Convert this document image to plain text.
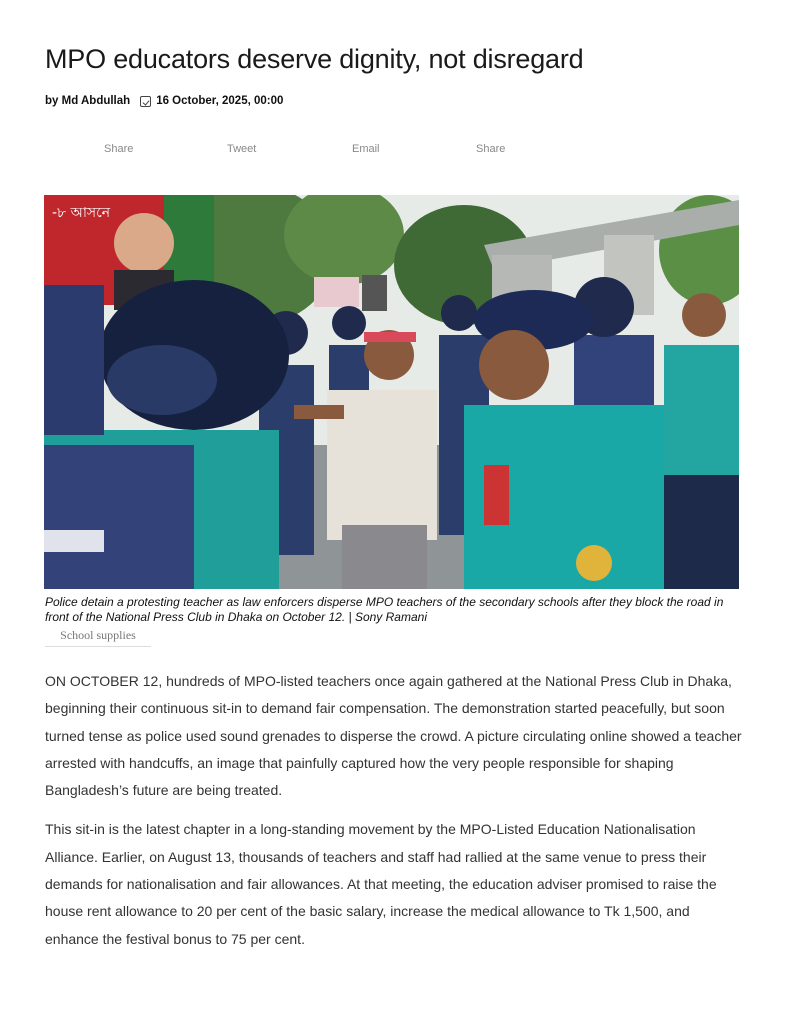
MPO educators deserve dignity, not disregard
by Md Abdullah 16 October, 2025, 00:00
Share	Tweet	Email	Share
-৮ আসনে
Police detain a protesting teacher as law enforcers disperse MPO teachers of the secondary schools after they block the road in front of the National Press Club in Dhaka on October 12. | Sony Ramani
School supplies

ON OCTOBER 12, hundreds of MPO-listed teachers once again gathered at the National Press Club in Dhaka, beginning their continuous sit-in to demand fair compensation. The demonstration started peacefully, but soon turned tense as police used sound grenades to disperse the crowd. A picture circulating online showed a teacher arrested with handcuffs, an image that painfully captured how the very people responsible for shaping Bangladesh’s future are being treated.

This sit-in is the latest chapter in a long-standing movement by the MPO-Listed Education Nationalisation Alliance. Earlier, on August 13, thousands of teachers and staff had rallied at the same venue to press their demands for nationalisation and fair allowances. At that meeting, the education adviser promised to raise the house rent allowance to 20 per cent of the basic salary, increase the medical allowance to Tk 1,500, and enhance the festival bonus to 75 per cent.
